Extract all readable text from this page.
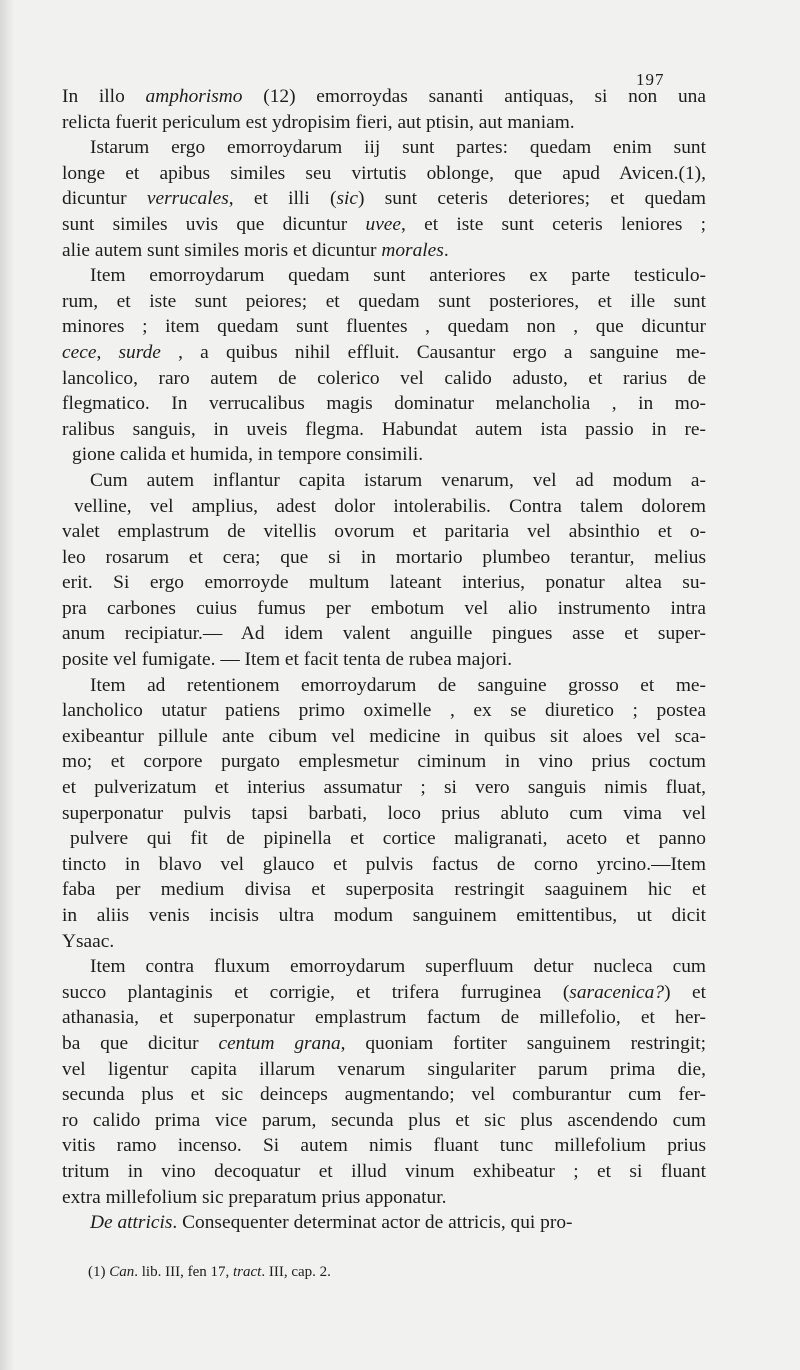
197
In illo amphorismo (12) emorroydas sananti antiquas, si non una
relicta fuerit periculum est ydropisim fieri, aut ptisin, aut maniam.
Istarum ergo emorroydarum iij sunt partes: quedam enim sunt
longe et apibus similes seu virtutis oblonge, que apud Avicen.(1),
dicuntur verrucales, et illi (sic) sunt ceteris deteriores; et quedam
sunt similes uvis que dicuntur uvee, et iste sunt ceteris leniores ;
alie autem sunt similes moris et dicuntur morales.
Item emorroydarum quedam sunt anteriores ex parte testiculo-
rum, et iste sunt peiores; et quedam sunt posteriores, et ille sunt
minores ; item quedam sunt fluentes , quedam non , que dicuntur
cece, surde , a quibus nihil effluit. Causantur ergo a sanguine me-
lancolico, raro autem de colerico vel calido adusto, et rarius de
flegmatico. In verrucalibus magis dominatur melancholia , in mo-
ralibus sanguis, in uveis flegma. Habundat autem ista passio in re-
gione calida et humida, in tempore consimili.
Cum autem inflantur capita istarum venarum, vel ad modum a-
velline, vel amplius, adest dolor intolerabilis. Contra talem dolorem
valet emplastrum de vitellis ovorum et paritaria vel absinthio et o-
leo rosarum et cera; que si in mortario plumbeo terantur, melius
erit. Si ergo emorroyde multum lateant interius, ponatur altea su-
pra carbones cuius fumus per embotum vel alio instrumento intra
anum recipiatur.— Ad idem valent anguille pingues asse et super-
posite vel fumigate. — Item et facit tenta de rubea majori.
Item ad retentionem emorroydarum de sanguine grosso et me-
lancholico utatur patiens primo oximelle , ex se diuretico ; postea
exibeantur pillule ante cibum vel medicine in quibus sit aloes vel sca-
mo; et corpore purgato emplesmetur ciminum in vino prius coctum
et pulverizatum et interius assumatur ; si vero sanguis nimis fluat,
superponatur pulvis tapsi barbati, loco prius abluto cum vima vel
pulvere qui fit de pipinella et cortice maligranati, aceto et panno
tincto in blavo vel glauco et pulvis factus de corno yrcino.—Item
faba per medium divisa et superposita restringit saaguinem hic et
in aliis venis incisis ultra modum sanguinem emittentibus, ut dicit
Ysaac.
Item contra fluxum emorroydarum superfluum detur nucleca cum
succo plantaginis et corrigie, et trifera furruginea (saracenica?) et
athanasia, et superponatur emplastrum factum de millefolio, et her-
ba que dicitur centum grana, quoniam fortiter sanguinem restringit;
vel ligentur capita illarum venarum singulariter parum prima die,
secunda plus et sic deinceps augmentando; vel comburantur cum fer-
ro calido prima vice parum, secunda plus et sic plus ascendendo cum
vitis ramo incenso. Si autem nimis fluant tunc millefolium prius
tritum in vino decoquatur et illud vinum exhibeatur ; et si fluant
extra millefolium sic preparatum prius apponatur.
De attricis. Consequenter determinat actor de attricis, qui pro-
(1) Can. lib. III, fen 17, tract. III, cap. 2.
